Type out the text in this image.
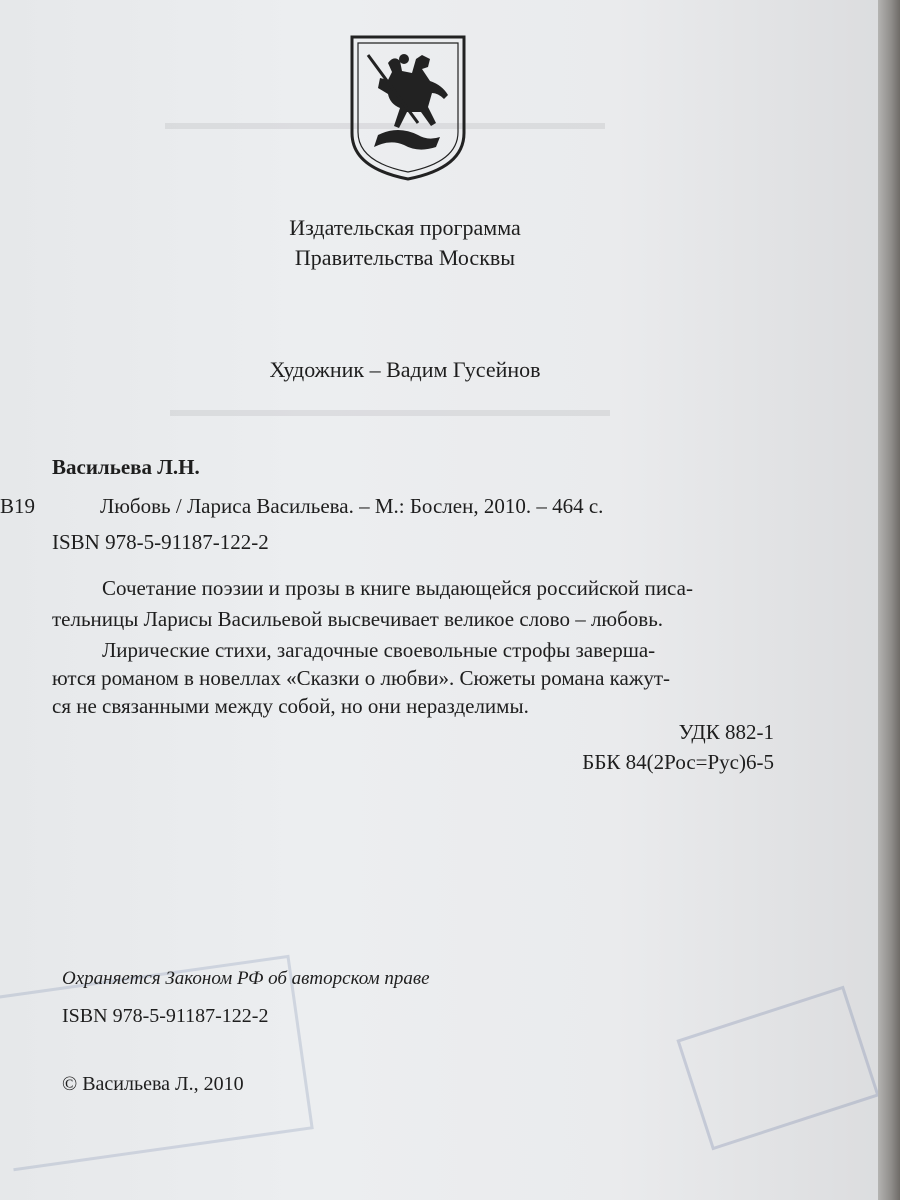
Издательская программа
Правительства Москвы
Художник – Вадим Гусейнов
Васильева Л.Н.
В19	Любовь / Лариса Васильева. – М.: Бослен, 2010. – 464 с.
ISBN 978-5-91187-122-2
Сочетание поэзии и прозы в книге выдающейся российской писа-
тельницы Ларисы Васильевой высвечивает великое слово – любовь.
Лирические стихи, загадочные своевольные строфы заверша-
ются романом в новеллах «Сказки о любви». Сюжеты романа кажут-
ся не связанными между собой, но они неразделимы.
УДК 882-1
ББК 84(2Рос=Рус)6-5
Охраняется Законом РФ об авторском праве
ISBN 978-5-91187-122-2
© Васильева Л., 2010
